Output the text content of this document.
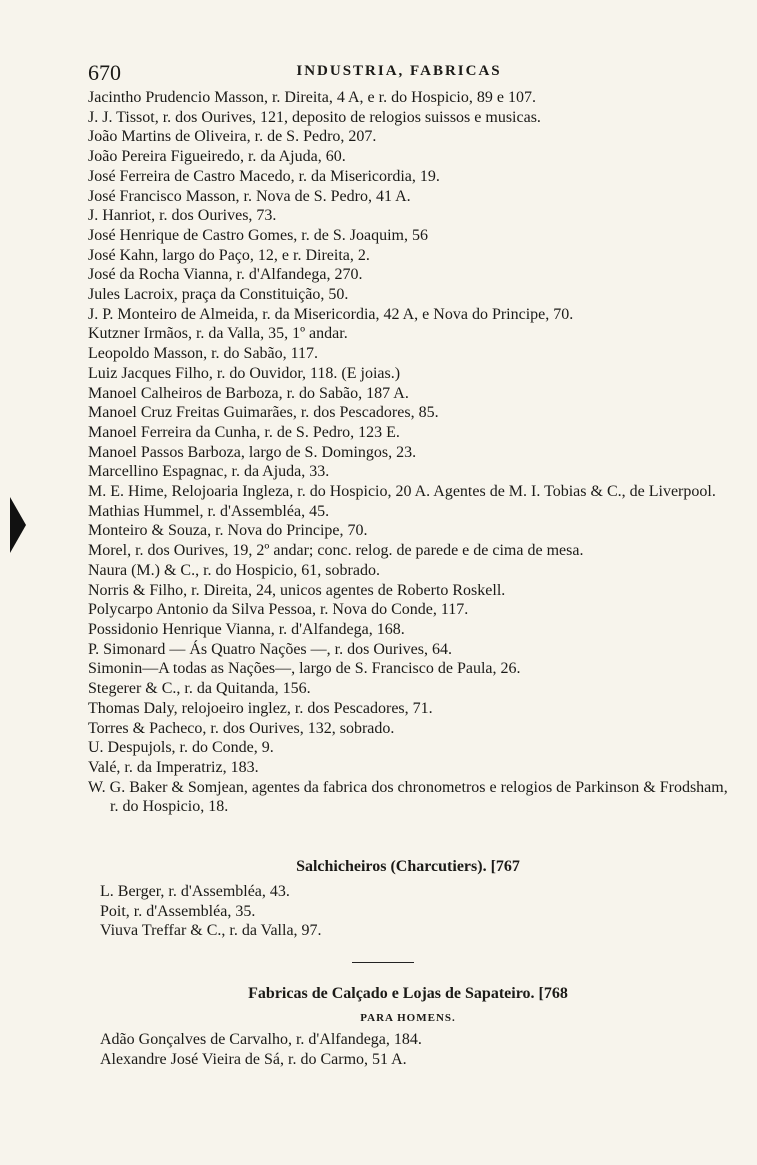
670	INDUSTRIA, FABRICAS
Jacintho Prudencio Masson, r. Direita, 4 A, e r. do Hospicio, 89 e 107.
J. J. Tissot, r. dos Ourives, 121, deposito de relogios suissos e musicas.
João Martins de Oliveira, r. de S. Pedro, 207.
João Pereira Figueiredo, r. da Ajuda, 60.
José Ferreira de Castro Macedo, r. da Misericordia, 19.
José Francisco Masson, r. Nova de S. Pedro, 41 A.
J. Hanriot, r. dos Ourives, 73.
José Henrique de Castro Gomes, r. de S. Joaquim, 56
José Kahn, largo do Paço, 12, e r. Direita, 2.
José da Rocha Vianna, r. d'Alfandega, 270.
Jules Lacroix, praça da Constituição, 50.
J. P. Monteiro de Almeida, r. da Misericordia, 42 A, e Nova do Principe, 70.
Kutzner Irmãos, r. da Valla, 35, 1º andar.
Leopoldo Masson, r. do Sabão, 117.
Luiz Jacques Filho, r. do Ouvidor, 118. (E joias.)
Manoel Calheiros de Barboza, r. do Sabão, 187 A.
Manoel Cruz Freitas Guimarães, r. dos Pescadores, 85.
Manoel Ferreira da Cunha, r. de S. Pedro, 123 E.
Manoel Passos Barboza, largo de S. Domingos, 23.
Marcellino Espagnac, r. da Ajuda, 33.
M. E. Hime, Relojoaria Ingleza, r. do Hospicio, 20 A. Agentes de M. I. Tobias & C., de Liverpool.
Mathias Hummel, r. d'Assembléa, 45.
Monteiro & Souza, r. Nova do Principe, 70.
Morel, r. dos Ourives, 19, 2º andar; conc. relog. de parede e de cima de mesa.
Naura (M.) & C., r. do Hospicio, 61, sobrado.
Norris & Filho, r. Direita, 24, unicos agentes de Roberto Roskell.
Polycarpo Antonio da Silva Pessoa, r. Nova do Conde, 117.
Possidonio Henrique Vianna, r. d'Alfandega, 168.
P. Simonard — Ás Quatro Nações —, r. dos Ourives, 64.
Simonin—A todas as Nações—, largo de S. Francisco de Paula, 26.
Stegerer & C., r. da Quitanda, 156.
Thomas Daly, relojoeiro inglez, r. dos Pescadores, 71.
Torres & Pacheco, r. dos Ourives, 132, sobrado.
U. Despujols, r. do Conde, 9.
Valé, r. da Imperatriz, 183.
W. G. Baker & Somjean, agentes da fabrica dos chronometros e relogios de Parkinson & Frodsham, r. do Hospicio, 18.
Salchicheiros (Charcutiers). [767
L. Berger, r. d'Assembléa, 43.
Poit, r. d'Assembléa, 35.
Viuva Treffar & C., r. da Valla, 97.
Fabricas de Calçado e Lojas de Sapateiro. [768
PARA HOMENS.
Adão Gonçalves de Carvalho, r. d'Alfandega, 184.
Alexandre José Vieira de Sá, r. do Carmo, 51 A.
